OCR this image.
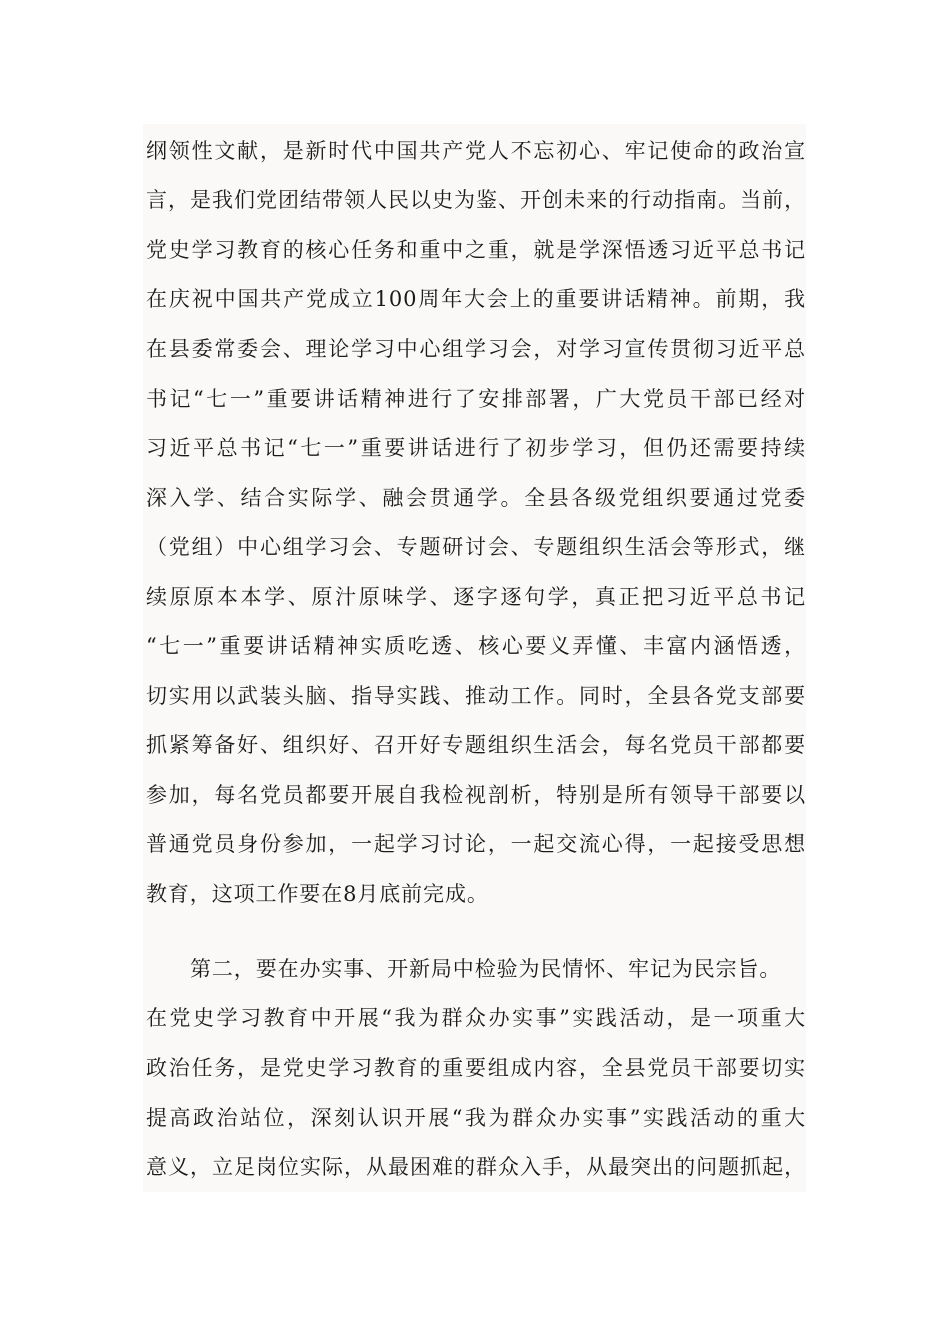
纲领性文献，是新时代中国共产党人不忘初心、牢记使命的政治宣
言，是我们党团结带领人民以史为鉴、开创未来的行动指南。当前，
党史学习教育的核心任务和重中之重，就是学深悟透习近平总书记
在庆祝中国共产党成立100周年大会上的重要讲话精神。前期，我
在县委常委会、理论学习中心组学习会，对学习宣传贯彻习近平总
书记“七一”重要讲话精神进行了安排部署，广大党员干部已经对
习近平总书记“七一”重要讲话进行了初步学习，但仍还需要持续
深入学、结合实际学、融会贯通学。全县各级党组织要通过党委
（党组）中心组学习会、专题研讨会、专题组织生活会等形式，继
续原原本本学、原汁原味学、逐字逐句学，真正把习近平总书记
“七一”重要讲话精神实质吃透、核心要义弄懂、丰富内涵悟透，
切实用以武装头脑、指导实践、推动工作。同时，全县各党支部要
抓紧筹备好、组织好、召开好专题组织生活会，每名党员干部都要
参加，每名党员都要开展自我检视剖析，特别是所有领导干部要以
普通党员身份参加，一起学习讨论，一起交流心得，一起接受思想
教育，这项工作要在8月底前完成。
第二，要在办实事、开新局中检验为民情怀、牢记为民宗旨。
在党史学习教育中开展“我为群众办实事”实践活动，是一项重大
政治任务，是党史学习教育的重要组成内容，全县党员干部要切实
提高政治站位，深刻认识开展“我为群众办实事”实践活动的重大
意义，立足岗位实际，从最困难的群众入手，从最突出的问题抓起，
